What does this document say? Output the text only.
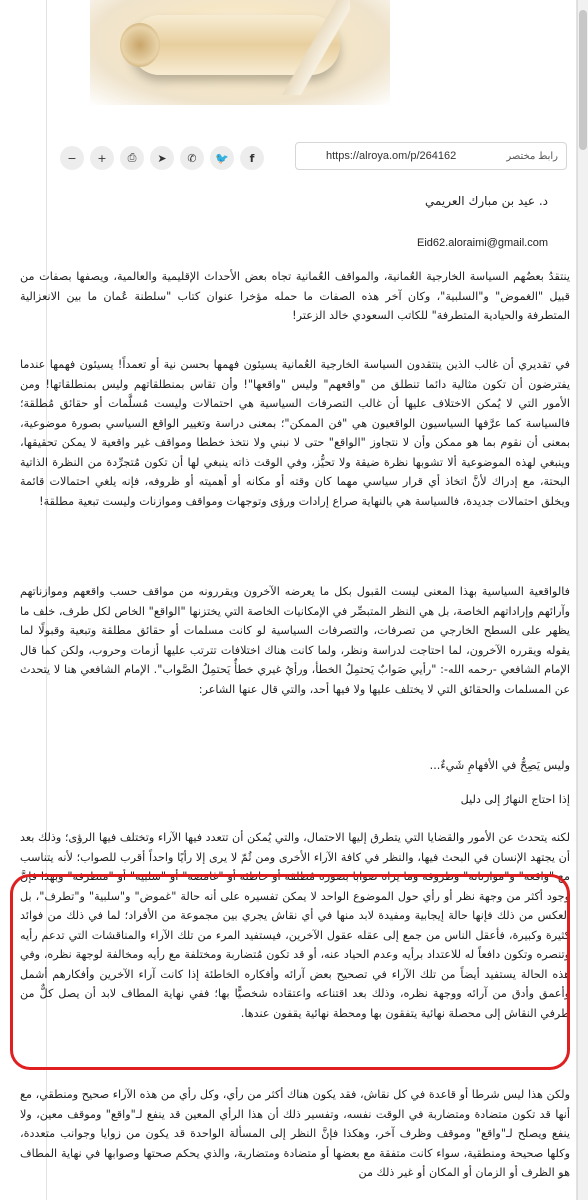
−	+	⎙	➤	✆	🐦	f	https://alroya.om/p/264162	رابط مختصر
د. عيد بن مبارك العريمي
Eid62.aloraimi@gmail.com

ينتقدُ بعضُهم السياسة الخارجية العُمانية، والمواقف العُمانية تجاه بعض الأحداث الإقليمية والعالمية، ويصفها بصفات من قبيل "الغموض" و"السلبية"، وكان آخر هذه الصفات ما حمله مؤخرا عنوان كتاب "سلطنة عُمان ما بين الانعزالية المتطرفة والحيادية المتطرفة" للكاتب السعودي خالد الزعتر!

في تقديري أن غالب الذين ينتقدون السياسة الخارجية العُمانية يسيئون فهمها بحسن نية أو تعمداً! يسيئون فهمها عندما يفترضون أن تكون مثالية دائما تنطلق من "واقعهم" وليس "واقعها"! وأن تقاس بمنطلقاتهم وليس بمنطلقاتها! ومن الأمور التي لا يُمكن الاختلاف عليها أن غالب التصرفات السياسية هي احتمالات وليست مُسلَّمات أو حقائق مُطلقة؛ فالسياسة كما عرَّفها السياسيون الواقعيون هي "فن الممكن"؛ بمعنى دراسة وتغيير الواقع السياسي بصورة موضوعية، بمعنى أن نقوم بما هو ممكن وأن لا نتجاوز "الواقع" حتى لا نبني ولا نتخذ خططا ومواقف غير واقعية لا يمكن تحقيقها، وينبغي لهذه الموضوعية ألا تشوبها نظرة ضيقة ولا تحيُّز، وفي الوقت ذاته ينبغي لها أن تكون مُتجرِّدة من النظرة الذاتية البحتة، مع إدراك لأنَّ اتخاذ أي قرار سياسي مهما كان وقته أو مكانه أو أهميته أو ظروفه، فإنه يلغي احتمالات قائمة ويخلق احتمالات جديدة، فالسياسة هي بالنهاية صراع إرادات ورؤى وتوجهات ومواقف وموازنات وليست تبعية مطلقة!

فالواقعية السياسية بهذا المعنى ليست القبول بكل ما يعرضه الآخرون ويقررونه من مواقف حسب واقعهم وموازناتهم وآرائهم وإراداتهم الخاصة، بل هي النظر المتبصِّر في الإمكانيات الخاصة التي يختزنها "الواقع" الخاص لكل طرف، خلف ما يظهر على السطح الخارجي من تصرفات، والتصرفات السياسية لو كانت مسلمات أو حقائق مطلقة وتبعية وقبولًا لما يقوله ويقرره الآخرون، لما احتاجت لدراسة ونظر، ولما كانت هناك اختلافات تترتب عليها أزمات وحروب، ولكن كما قال الإمام الشافعي -رحمه الله-: "رأيي صَوابٌ يَحتمِلُ الخطأ، ورأيُ غيري خطأٌ يَحتمِلُ الصَّواب". الإمام الشافعي هنا لا يتحدث عن المسلمات والحقائق التي لا يختلف عليها ولا فيها أحد، والتي قال عنها الشاعر:

وليس يَصِحُّ في الأفهامِ شَيءٌ...

إذا احتاج النهارُ إلى دليل

لكنه يتحدث عن الأمور والقضايا التي يتطرق إليها الاحتمال، والتي يُمكن أن تتعدد فيها الآراء وتختلف فيها الرؤى؛ وذلك بعد أن يجتهد الإنسان في البحث فيها، والنظر في كافة الآراء الأخرى ومن ثُمّ لا يرى إلا رأيًا واحداً أقرب للصواب؛ لأنه يتناسب مع "واقعه" و"موازناته" وظروفه وما يراه صوابا بصورة مُطلقة أو خاطئة أو "غامضة" أو "سلبية" أو "متطرفة" وبهذا فإنَّ وجود أكثر من وجهة نظر أو رأي حول الموضوع الواحد لا يمكن تفسيره على أنه حالة "غموض" و"سلبية" و"تطرف"، بل العكس من ذلك فإنها حالة إيجابية ومفيدة لابد منها في أي نقاش يجري بين مجموعة من الأفراد؛ لما في ذلك من فوائد كثيرة وكبيرة، فأعقل الناس من جمع إلى عقله عقول الآخرين، فيستفيد المرء من تلك الآراء والمناقشات التي تدعم رأيه وتنصره وتكون دافعاً له للاعتداد برأيه وعدم الحياد عنه، أو قد تكون مُتضاربة ومختلفة مع رأيه ومخالفة لوجهة نظره، وفي هذه الحالة يستفيد أيضاً من تلك الآراء في تصحيح بعض آرائه وأفكاره الخاطئة إذا كانت آراء الآخرين وأفكارهم أشمل وأعمق وأدق من آرائه ووجهة نظره، وذلك بعد اقتناعه واعتقاده شخصيًّا بها؛ ففي نهاية المطاف لابد أن يصل كلٌّ من طرفي النقاش إلى محصلة نهائية يتفقون بها ومحطة نهائية يقفون عندها.

ولكن هذا ليس شرطا أو قاعدة في كل نقاش، فقد يكون هناك أكثر من رأي، وكل رأي من هذه الآراء صحيح ومنطقي، مع أنها قد تكون متضادة ومتضاربة في الوقت نفسه، وتفسير ذلك أن هذا الرأي المعين قد ينفع لـ"واقع" وموقف معين، ولا ينفع ويصلح لـ"واقع" وموقف وظرف آخر، وهكذا فإنَّ النظر إلى المسألة الواحدة قد يكون من زوايا وجوانب متعددة، وكلها صحيحة ومنطقية، سواء كانت متفقة مع بعضها أو متضادة ومتضاربة، والذي يحكم صحتها وصوابها في نهاية المطاف هو الظرف أو الزمان أو المكان أو غير ذلك من
